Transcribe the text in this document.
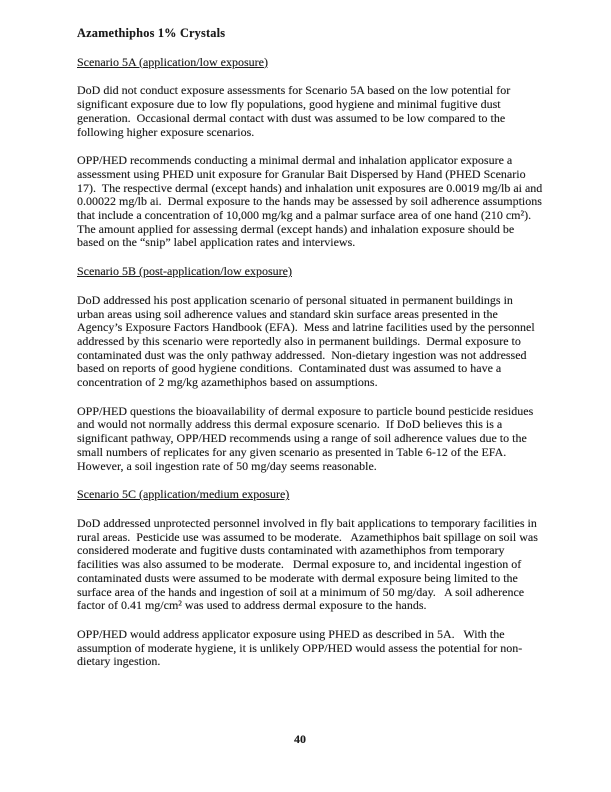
Azamethiphos 1% Crystals
Scenario 5A (application/low exposure)

DoD did not conduct exposure assessments for Scenario 5A based on the low potential for significant exposure due to low fly populations, good hygiene and minimal fugitive dust generation.  Occasional dermal contact with dust was assumed to be low compared to the following higher exposure scenarios.

OPP/HED recommends conducting a minimal dermal and inhalation applicator exposure a assessment using PHED unit exposure for Granular Bait Dispersed by Hand (PHED Scenario 17).  The respective dermal (except hands) and inhalation unit exposures are 0.0019 mg/lb ai and 0.00022 mg/lb ai.  Dermal exposure to the hands may be assessed by soil adherence assumptions that include a concentration of 10,000 mg/kg and a palmar surface area of one hand (210 cm²).  The amount applied for assessing dermal (except hands) and inhalation exposure should be based on the “snip” label application rates and interviews.

Scenario 5B (post-application/low exposure)

DoD addressed his post application scenario of personal situated in permanent buildings in urban areas using soil adherence values and standard skin surface areas presented in the Agency’s Exposure Factors Handbook (EFA).  Mess and latrine facilities used by the personnel addressed by this scenario were reportedly also in permanent buildings.  Dermal exposure to contaminated dust was the only pathway addressed.  Non-dietary ingestion was not addressed based on reports of good hygiene conditions.  Contaminated dust was assumed to have a concentration of 2 mg/kg azamethiphos based on assumptions.

OPP/HED questions the bioavailability of dermal exposure to particle bound pesticide residues and would not normally address this dermal exposure scenario.  If DoD believes this is a significant pathway, OPP/HED recommends using a range of soil adherence values due to the small numbers of replicates for any given scenario as presented in Table 6-12 of the EFA.   However, a soil ingestion rate of 50 mg/day seems reasonable.

Scenario 5C (application/medium exposure)

DoD addressed unprotected personnel involved in fly bait applications to temporary facilities in rural areas.  Pesticide use was assumed to be moderate.   Azamethiphos bait spillage on soil was considered moderate and fugitive dusts contaminated with azamethiphos from temporary facilities was also assumed to be moderate.   Dermal exposure to, and incidental ingestion of contaminated dusts were assumed to be moderate with dermal exposure being limited to the surface area of the hands and ingestion of soil at a minimum of 50 mg/day.   A soil adherence factor of 0.41 mg/cm² was used to address dermal exposure to the hands.

OPP/HED would address applicator exposure using PHED as described in 5A.   With the assumption of moderate hygiene, it is unlikely OPP/HED would assess the potential for non-dietary ingestion.

40
